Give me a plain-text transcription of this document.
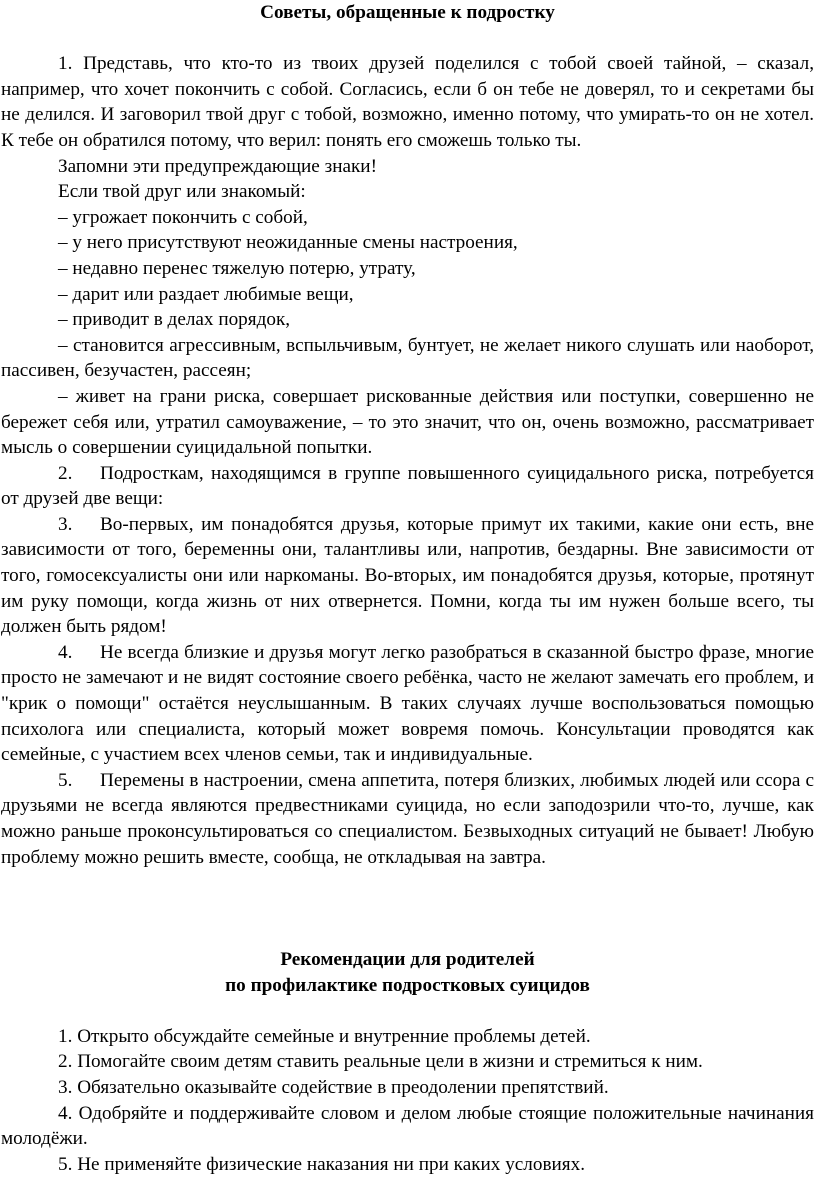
Советы, обращенные к подростку

1. Представь, что кто-то из твоих друзей поделился с тобой своей тайной, – сказал, например, что хочет покончить с собой. Согласись, если б он тебе не доверял, то и секретами бы не делился. И заговорил твой друг с тобой, возможно, именно потому, что умирать-то он не хотел. К тебе он обратился потому, что верил: понять его сможешь только ты.

Запомни эти предупреждающие знаки!

Если твой друг или знакомый:

– угрожает покончить с собой,

– у него присутствуют неожиданные смены настроения,

– недавно перенес тяжелую потерю, утрату,

– дарит или раздает любимые вещи,

– приводит в делах порядок,

– становится агрессивным, вспыльчивым, бунтует, не желает никого слушать или наоборот, пассивен, безучастен, рассеян;

– живет на грани риска, совершает рискованные действия или поступки, совершенно не бережет себя или, утратил самоуважение, – то это значит, что он, очень возможно, рассматривает мысль о совершении суицидальной попытки.

2. Подросткам, находящимся в группе повышенного суицидального риска, потребуется от друзей две вещи:

3. Во-первых, им понадобятся друзья, которые примут их такими, какие они есть, вне зависимости от того, беременны они, талантливы или, напротив, бездарны. Вне зависимости от того, гомосексуалисты они или наркоманы. Во-вторых, им понадобятся друзья, которые, протянут им руку помощи, когда жизнь от них отвернется. Помни, когда ты им нужен больше всего, ты должен быть рядом!

4. Не всегда близкие и друзья могут легко разобраться в сказанной быстро фразе, многие просто не замечают и не видят состояние своего ребёнка, часто не желают замечать его проблем, и "крик о помощи" остаётся неуслышанным. В таких случаях лучше воспользоваться помощью психолога или специалиста, который может вовремя помочь. Консультации проводятся как семейные, с участием всех членов семьи, так и индивидуальные.

5. Перемены в настроении, смена аппетита, потеря близких, любимых людей или ссора с друзьями не всегда являются предвестниками суицида, но если заподозрили что-то, лучше, как можно раньше проконсультироваться со специалистом. Безвыходных ситуаций не бывает! Любую проблему можно решить вместе, сообща, не откладывая на завтра.

Рекомендации для родителей

по профилактике подростковых суицидов

1. Открыто обсуждайте семейные и внутренние проблемы детей.

2. Помогайте своим детям ставить реальные цели в жизни и стремиться к ним.

3. Обязательно оказывайте содействие в преодолении препятствий.

4. Одобряйте и поддерживайте словом и делом любые стоящие положительные начинания молодёжи.

5. Не применяйте физические наказания ни при каких условиях.
